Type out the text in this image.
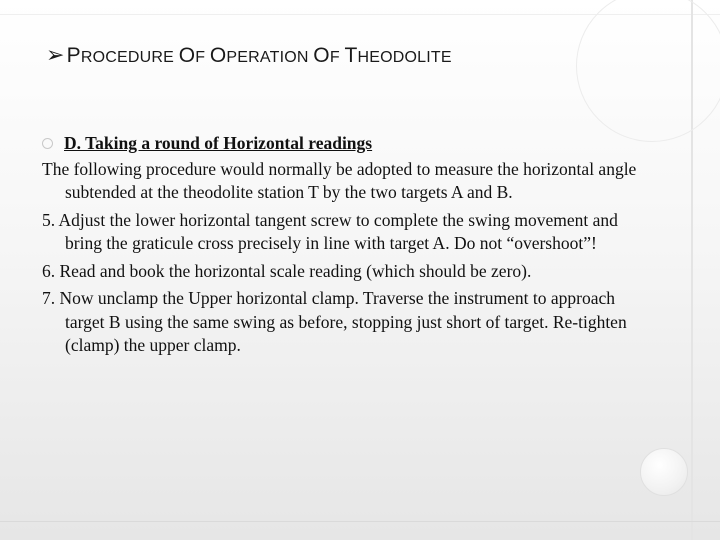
➢PROCEDURE OF OPERATION OF THEODOLITE
D. Taking a round of Horizontal readings

The following procedure would normally be adopted to measure the horizontal angle subtended at the theodolite station T by the two targets A and B.

5. Adjust the lower horizontal tangent screw to complete the swing movement and bring the graticule cross precisely in line with target A. Do not “overshoot”!

6. Read and book the horizontal scale reading (which should be zero).

7. Now unclamp the Upper horizontal clamp. Traverse the instrument to approach target B using the same swing as before, stopping just short of target. Re-tighten (clamp) the upper clamp.
